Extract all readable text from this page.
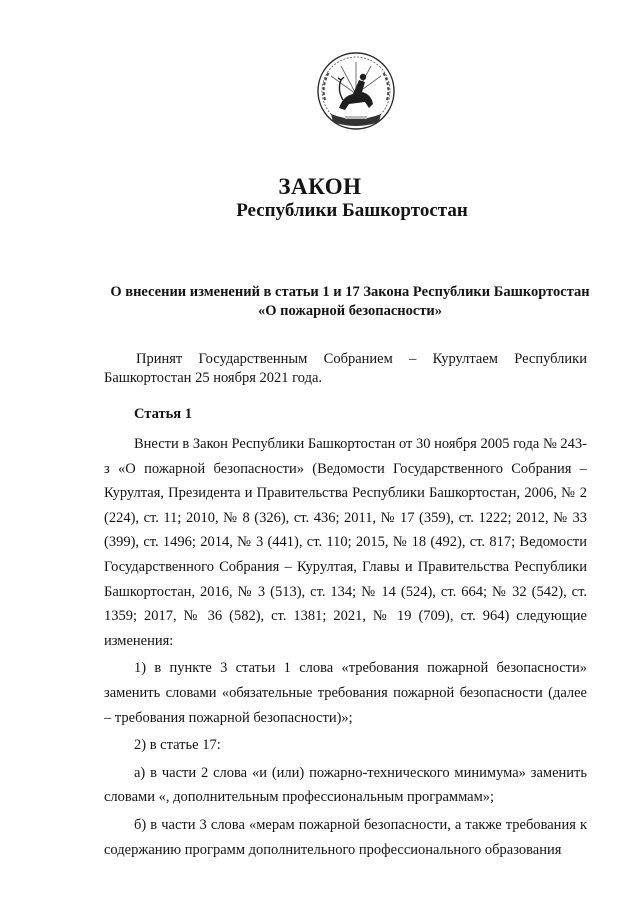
ЗАКОН
Республики Башкортостан
О внесении изменений в статьи 1 и 17 Закона Республики Башкортостан
«О пожарной безопасности»
Принят Государственным Собранием – Курултаем Республики Башкортостан 25 ноября 2021 года.
Статья 1

Внести в Закон Республики Башкортостан от 30 ноября 2005 года № 243-з «О пожарной безопасности» (Ведомости Государственного Собрания – Курултая, Президента и Правительства Республики Башкортостан, 2006, № 2 (224), ст. 11; 2010, № 8 (326), ст. 436; 2011, № 17 (359), ст. 1222; 2012, № 33 (399), ст. 1496; 2014, № 3 (441), ст. 110; 2015, № 18 (492), ст. 817; Ведомости Государственного Собрания – Курултая, Главы и Правительства Республики Башкортостан, 2016, № 3 (513), ст. 134; № 14 (524), ст. 664; № 32 (542), ст. 1359; 2017, № 36 (582), ст. 1381; 2021, № 19 (709), ст. 964) следующие изменения:

1) в пункте 3 статьи 1 слова «требования пожарной безопасности» заменить словами «обязательные требования пожарной безопасности (далее – требования пожарной безопасности)»;

2) в статье 17:

а) в части 2 слова «и (или) пожарно-технического минимума» заменить словами «, дополнительным профессиональным программам»;

б) в части 3 слова «мерам пожарной безопасности, а также требования к содержанию программ дополнительного профессионального образования
